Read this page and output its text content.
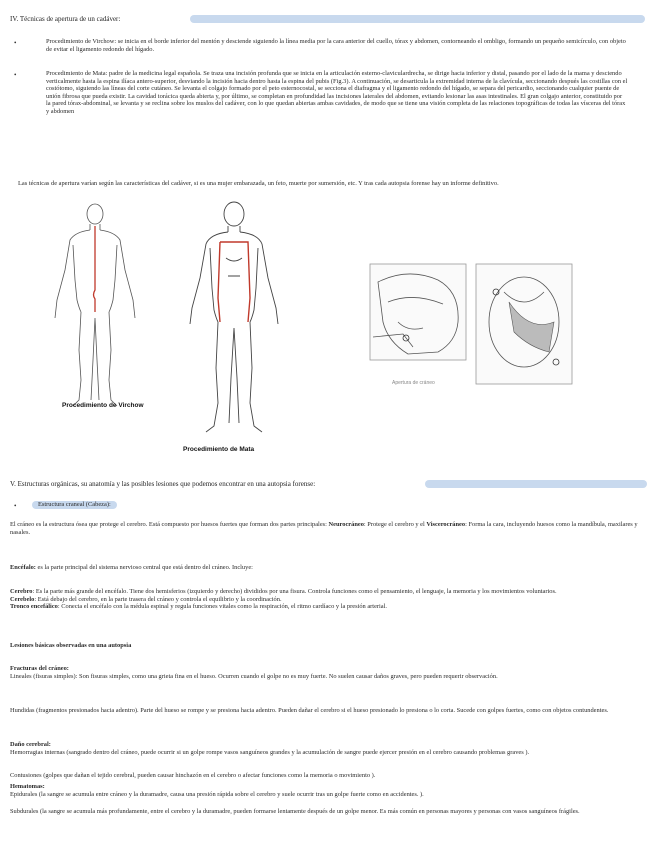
IV. Técnicas de apertura de un cadáver:
•	Procedimiento de Virchow: se inicia en el borde inferior del mentón y desciende siguiendo la línea media por la cara anterior del cuello, tórax y abdomen, contorneando el ombligo, formando un pequeño semicírculo, con objeto de evitar el ligamento redondo del hígado.
•	Procedimiento de Mata: padre de la medicina legal española. Se traza una incisión profunda que se inicia en la articulación esterno-claviculardrecha, se dirige hacia inferior y distal, pasando por el lado de la mama y desciendo verticalmente hasta la espina ilíaca antero-superior, desviando la incisión hacia dentro hasta la espina del pubis (Fig.3). A continuación, se desarticula la extremidad interna de la clavícula, seccionando después las costillas con el costótomo, siguiendo las líneas del corte cutáneo. Se levanta el colgajo formado por el peto esternocostal, se secciona el diafragma y el ligamento redondo del hígado, se separa del pericardio, seccionando cualquier puente de unión fibrosa que pueda existir. La cavidad torácica queda abierta y, por último, se completan en profundidad las incisiones laterales del abdomen, evitando lesionar las asas intestinales. El gran colgajo anterior, constituido por la pared tórax-abdominal, se levanta y se reclina sobre los muslos del cadáver, con lo que quedan abiertas ambas cavidades, de modo que se tiene una visión completa de las relaciones topográficas de todas las vísceras del tórax y abdomen
Las técnicas de apertura varían según las características del cadáver, si es una mujer embarazada, un feto, muerte por sumersión, etc. Y tras cada autopsia forense hay un informe definitivo.
Procedimiento de Virchow
Procedimiento de Mata
Apertura de cráneo
V. Estructuras orgánicas, su anatomía y las posibles lesiones que podemos encontrar en una autopsia forense:
•	Estructura craneal (Cabeza):
El cráneo es la estructura ósea que protege el cerebro. Está compuesto por huesos fuertes que forman dos partes principales: Neurocráneo: Protege el cerebro y el Viscerocráneo: Forma la cara, incluyendo huesos como la mandíbula, maxilares y nasales.
Encéfalo: es la parte principal del sistema nervioso central que está dentro del cráneo. Incluye:

Cerebro: Es la parte más grande del encéfalo. Tiene dos hemisferios (izquierdo y derecho) divididos por una fisura. Controla funciones como el pensamiento, el lenguaje, la memoria y los movimientos voluntarios.

Cerebelo: Está debajo del cerebro, en la parte trasera del cráneo y controla el equilibrio y la coordinación.

Tronco encefálico: Conecta el encéfalo con la médula espinal y regula funciones vitales como la respiración, el ritmo cardíaco y la presión arterial.

Lesiones básicas observadas en una autopsia
Fracturas del cráneo:
Lineales (fisuras simples): Son fisuras simples, como una grieta fina en el hueso. Ocurren cuando el golpe no es muy fuerte. No suelen causar daños graves, pero pueden requerir observación.
Hundidas (fragmentos presionados hacia adentro). Parte del hueso se rompe y se presiona hacia adentro. Pueden dañar el cerebro si el hueso presionado lo presiona o lo corta. Sucede con golpes fuertes, como con objetos contundentes.
Daño cerebral:
Hemorragias internas (sangrado dentro del cráneo, puede ocurrir si un golpe rompe vasos sanguíneos grandes y la acumulación de sangre puede ejercer presión en el cerebro causando problemas graves ).
Contusiones (golpes que dañan el tejido cerebral, pueden causar hinchazón en el cerebro o afectar funciones como la memoria o movimiento ).
Hematomas:
Epidurales (la sangre se acumula entre cráneo y la duramadre, causa una presión rápida sobre el cerebro y suele ocurrir tras un golpe fuerte como en accidentes. ).
Subdurales (la sangre se acumula más profundamente, entre el cerebro y la duramadre, pueden formarse lentamente después de un golpe menor. Es más común en personas mayores y personas con vasos sanguíneos frágiles.
